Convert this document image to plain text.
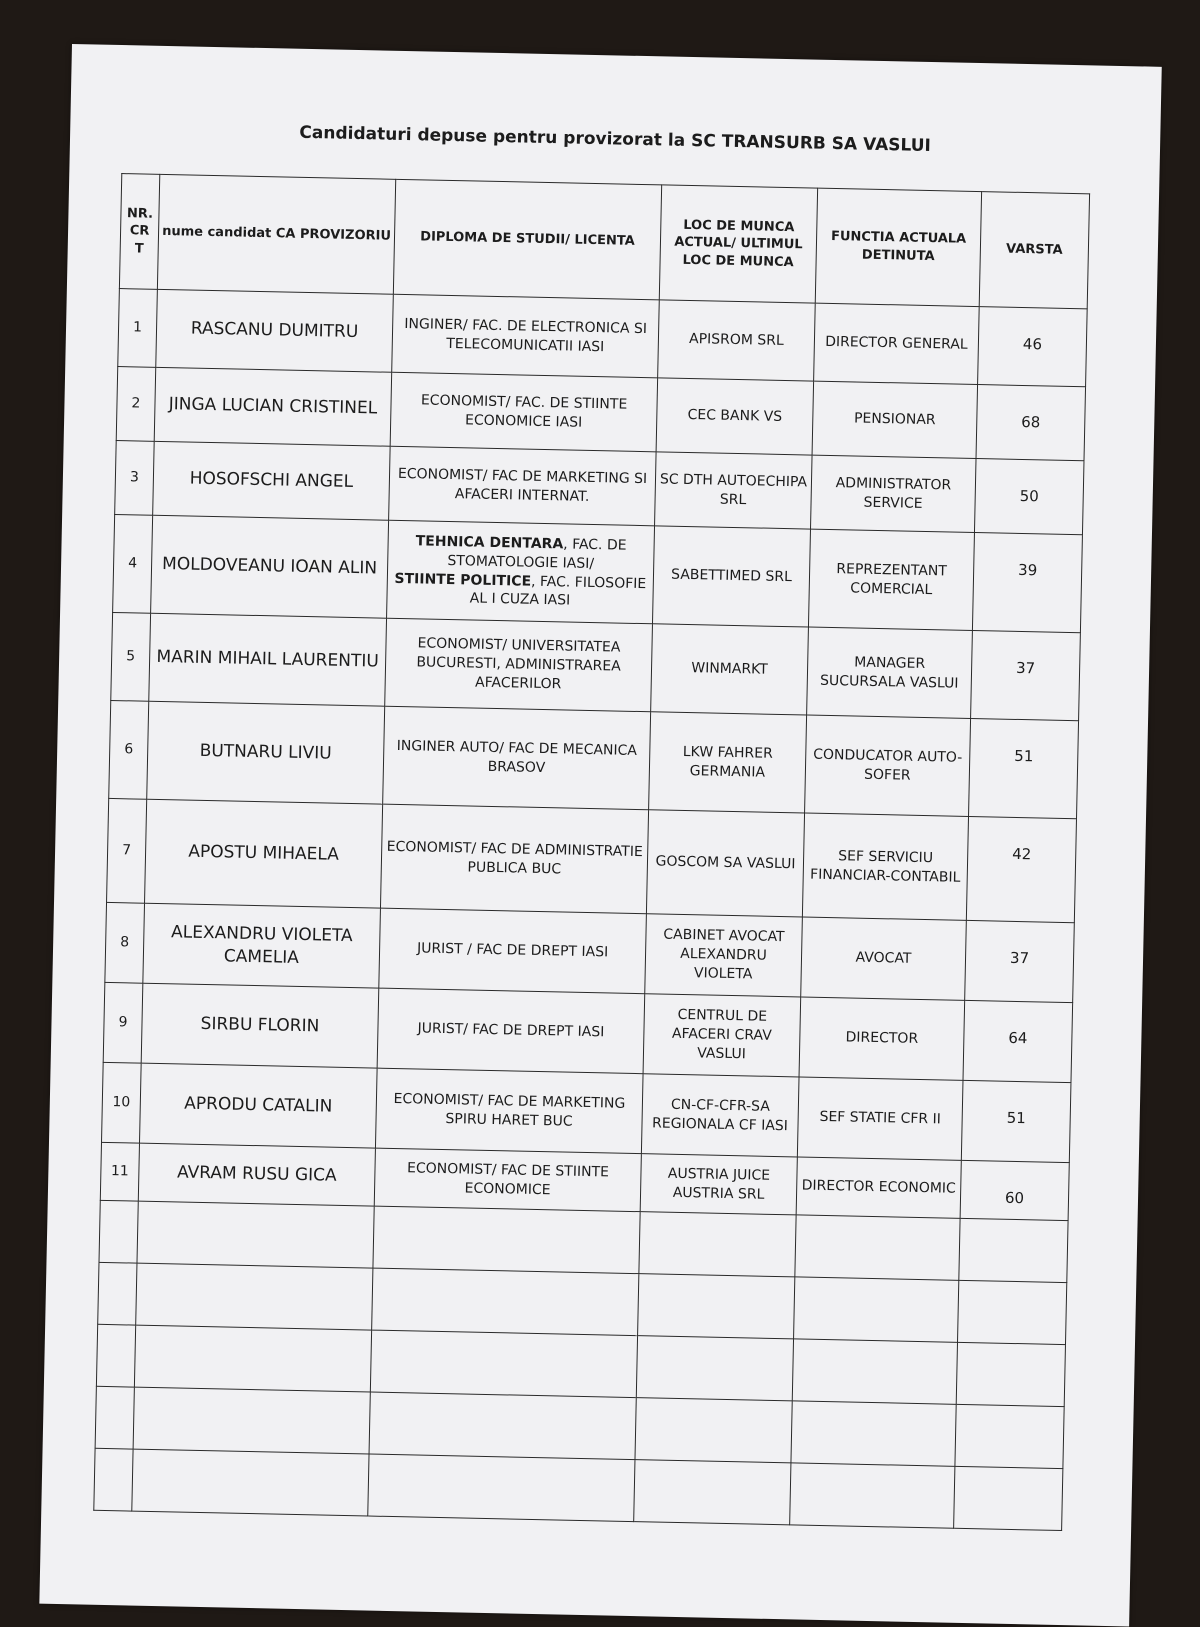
Candidaturi depuse pentru provizorat la SC TRANSURB SA VASLUI
NR. CR T	nume candidat CA PROVIZORIU	DIPLOMA DE STUDII/ LICENTA	LOC DE MUNCA ACTUAL/ ULTIMUL LOC DE MUNCA	FUNCTIA ACTUALA DETINUTA	VARSTA
1	RASCANU DUMITRU	INGINER/ FAC. DE ELECTRONICA SI TELECOMUNICATII IASI	APISROM SRL	DIRECTOR GENERAL	46
2	JINGA LUCIAN CRISTINEL	ECONOMIST/ FAC. DE STIINTE ECONOMICE IASI	CEC BANK VS	PENSIONAR	68
3	HOSOFSCHI ANGEL	ECONOMIST/ FAC DE MARKETING SI AFACERI INTERNAT.	SC DTH AUTOECHIPA SRL	ADMINISTRATOR SERVICE	50
4	MOLDOVEANU IOAN ALIN	TEHNICA DENTARA, FAC. DE STOMATOLOGIE IASI/
STIINTE POLITICE, FAC. FILOSOFIE AL I CUZA IASI	SABETTIMED SRL	REPREZENTANT COMERCIAL	39
5	MARIN MIHAIL LAURENTIU	ECONOMIST/ UNIVERSITATEA BUCURESTI, ADMINISTRAREA AFACERILOR	WINMARKT	MANAGER SUCURSALA VASLUI	37
6	BUTNARU LIVIU	INGINER AUTO/ FAC DE MECANICA BRASOV	LKW FAHRER GERMANIA	CONDUCATOR AUTO-SOFER	51
7	APOSTU MIHAELA	ECONOMIST/ FAC DE ADMINISTRATIE PUBLICA BUC	GOSCOM SA VASLUI	SEF SERVICIU FINANCIAR-CONTABIL	42
8	ALEXANDRU VIOLETA CAMELIA	JURIST / FAC DE DREPT IASI	CABINET AVOCAT ALEXANDRU VIOLETA	AVOCAT	37
9	SIRBU FLORIN	JURIST/ FAC DE DREPT IASI	CENTRUL DE AFACERI CRAV VASLUI	DIRECTOR	64
10	APRODU CATALIN	ECONOMIST/ FAC DE MARKETING SPIRU HARET BUC	CN-CF-CFR-SA REGIONALA CF IASI	SEF STATIE CFR II	51
11	AVRAM RUSU GICA	ECONOMIST/ FAC DE STIINTE ECONOMICE	AUSTRIA JUICE AUSTRIA SRL	DIRECTOR ECONOMIC	60
